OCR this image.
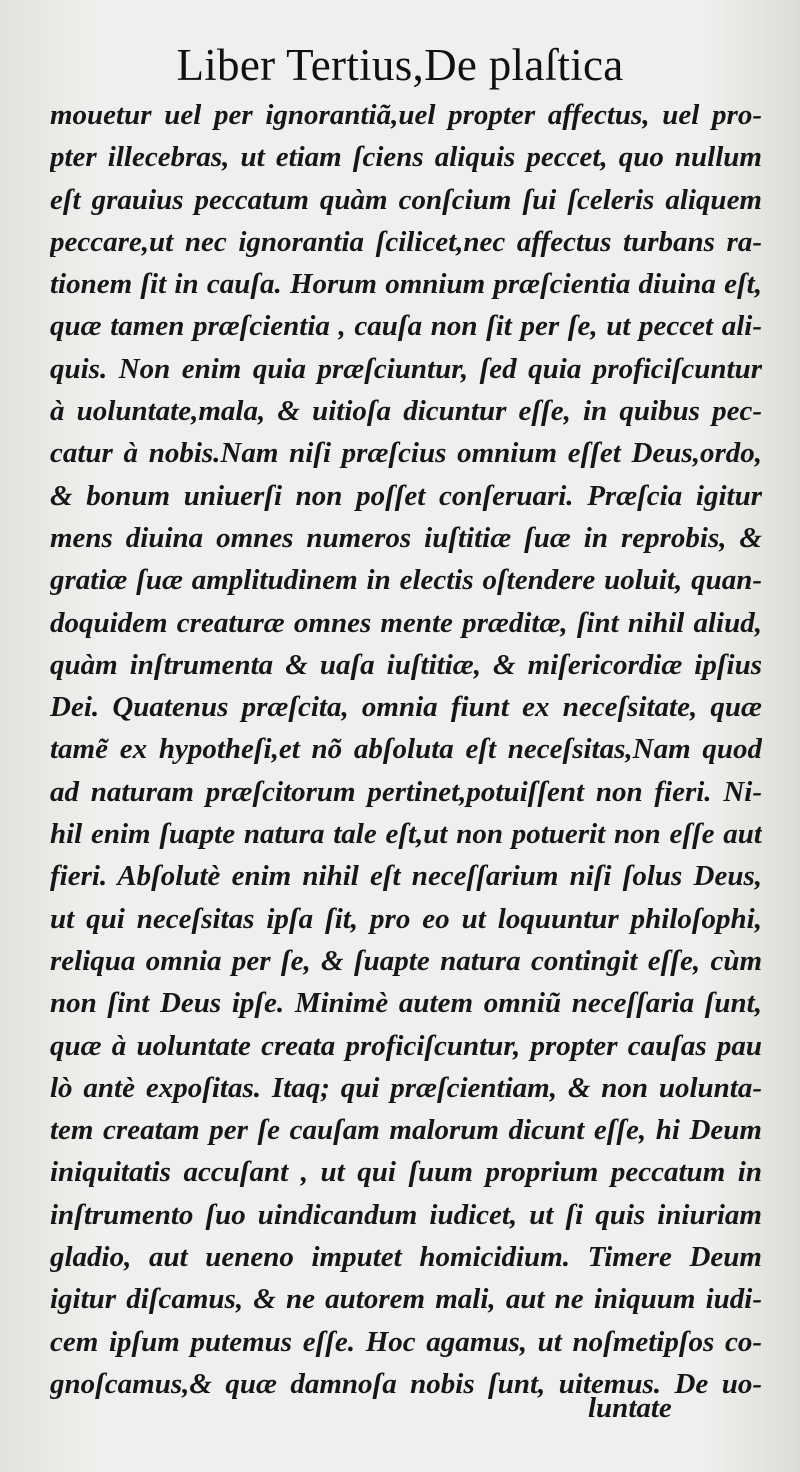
Liber Tertius,De plaſtica
mouetur uel per ignorantiã,uel propter affectus, uel pro-
pter illecebras, ut etiam ſciens aliquis peccet, quo nullum
eſt grauius peccatum quàm conſcium ſui ſceleris aliquem
peccare,ut nec ignorantia ſcilicet,nec affectus turbans ra-
tionem ſit in cauſa. Horum omnium præſcientia diuina eſt,
quæ tamen præſcientia , cauſa non ſit per ſe, ut peccet ali-
quis. Non enim quia præſciuntur, ſed quia proficiſcuntur
à uoluntate,mala, & uitioſa dicuntur eſſe, in quibus pec-
catur à nobis.Nam niſi præſcius omnium eſſet Deus,ordo,
& bonum uniuerſi non poſſet conſeruari. Præſcia igitur
mens diuina omnes numeros iuſtitiæ ſuæ in reprobis, &
gratiæ ſuæ amplitudinem in electis oſtendere uoluit, quan-
doquidem creaturæ omnes mente præditæ, ſint nihil aliud,
quàm inſtrumenta & uaſa iuſtitiæ, & miſericordiæ ipſius
Dei. Quatenus præſcita, omnia fiunt ex neceſsitate, quæ
tamẽ ex hypotheſi,et nõ abſoluta eſt neceſsitas,Nam quod
ad naturam præſcitorum pertinet,potuiſſent non fieri. Ni-
hil enim ſuapte natura tale eſt,ut non potuerit non eſſe aut
fieri. Abſolutè enim nihil eſt neceſſarium niſi ſolus Deus,
ut qui neceſsitas ipſa ſit, pro eo ut loquuntur philoſophi,
reliqua omnia per ſe, & ſuapte natura contingit eſſe, cùm
non ſint Deus ipſe. Minimè autem omniũ neceſſaria ſunt,
quæ à uoluntate creata proficiſcuntur, propter cauſas pau
lò antè expoſitas. Itaq; qui præſcientiam, & non uolunta-
tem creatam per ſe cauſam malorum dicunt eſſe, hi Deum
iniquitatis accuſant , ut qui ſuum proprium peccatum in
inſtrumento ſuo uindicandum iudicet, ut ſi quis iniuriam
gladio, aut ueneno imputet homicidium. Timere Deum
igitur diſcamus, & ne autorem mali, aut ne iniquum iudi-
cem ipſum putemus eſſe. Hoc agamus, ut noſmetipſos co-
gnoſcamus,& quæ damnoſa nobis ſunt, uitemus. De uo-
luntate
